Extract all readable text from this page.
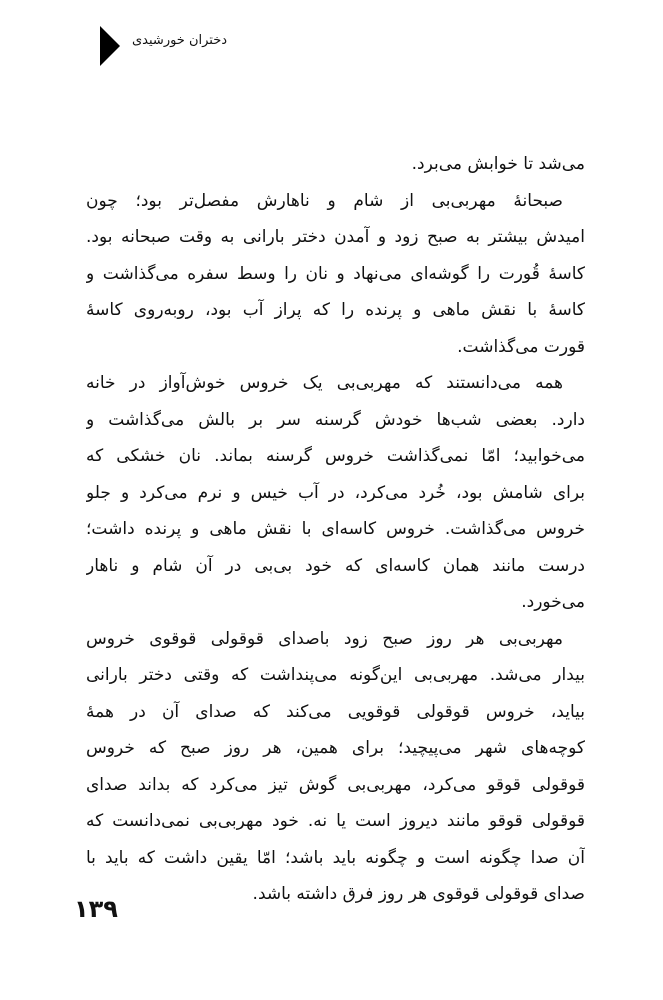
دختران خورشیدی
می‌شد تا خوابش می‌برد.
صبحانهٔ مهربی‌بی از شام و ناهارش مفصل‌تر بود؛ چون
امیدش بیشتر به صبح زود و آمدن دختر بارانی به وقت صبحانه بود.
کاسهٔ قُورت را گوشه‌ای می‌نهاد و نان را وسط سفره می‌گذاشت و
کاسهٔ با نقش ماهی و پرنده را که پراز آب بود، روبه‌روی کاسهٔ
قورت می‌گذاشت.
همه می‌دانستند که مهربی‌بی یک خروس خوش‌آواز در خانه
دارد. بعضی شب‌ها خودش گرسنه سر بر بالش می‌گذاشت و
می‌خوابید؛ امّا نمی‌گذاشت خروس گرسنه بماند. نان خشکی که
برای شامش بود، خُرد می‌کرد، در آب خیس و نرم می‌کرد و جلو
خروس می‌گذاشت. خروس کاسه‌ای با نقش ماهی و پرنده داشت؛
درست مانند همان کاسه‌ای که خود بی‌بی در آن شام و ناهار
می‌خورد.
مهربی‌بی هر روز صبح زود باصدای قوقولی قوقوی خروس
بیدار می‌شد. مهربی‌بی این‌گونه می‌پنداشت که وقتی دختر بارانی
بیاید، خروس قوقولی قوقویی می‌کند که صدای آن در همهٔ
کوچه‌های شهر می‌پیچید؛ برای همین، هر روز صبح که خروس
قوقولی قوقو می‌کرد، مهربی‌بی گوش تیز می‌کرد که بداند صدای
قوقولی قوقو مانند دیروز است یا نه. خود مهربی‌بی نمی‌دانست که
آن صدا چگونه است و چگونه باید باشد؛ امّا یقین داشت که باید با
صدای قوقولی قوقوی هر روز فرق داشته باشد.
۱۳۹
